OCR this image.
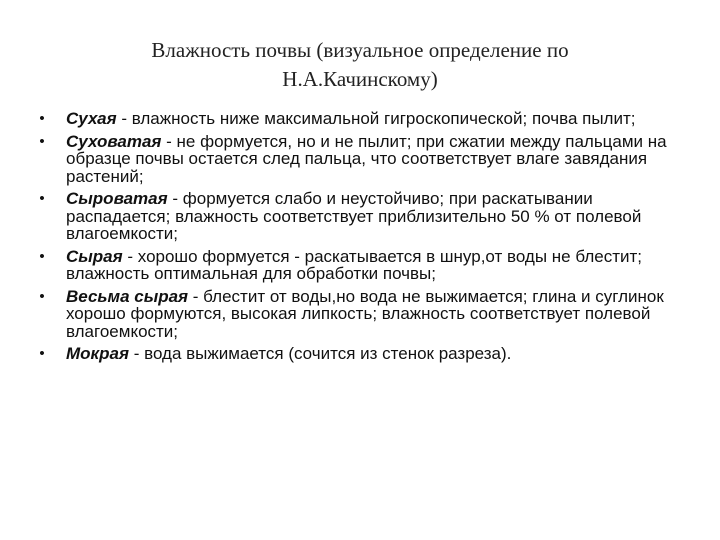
Влажность почвы (визуальное определение по
Н.А.Качинскому)
•	Сухая - влажность ниже максимальной гигроскопической; почва пылит;
•	Суховатая - не формуется, но и не пылит; при сжатии между пальцами на образце почвы остается след пальца, что соответствует влаге завядания растений;
•	Сыроватая - формуется слабо и неустойчиво; при раскатывании распадается; влажность соответствует приблизительно 50 % от полевой влагоемкости;
•	Сырая - хорошо формуется - раскатывается в шнур,от воды не блестит; влажность оптимальная для обработки почвы;
•	Весьма сырая - блестит от воды,но вода не выжимается; глина и суглинок хорошо формуются, высокая липкость; влажность соответствует полевой влагоемкости;
•	Мокрая - вода выжимается (сочится из стенок разреза).
